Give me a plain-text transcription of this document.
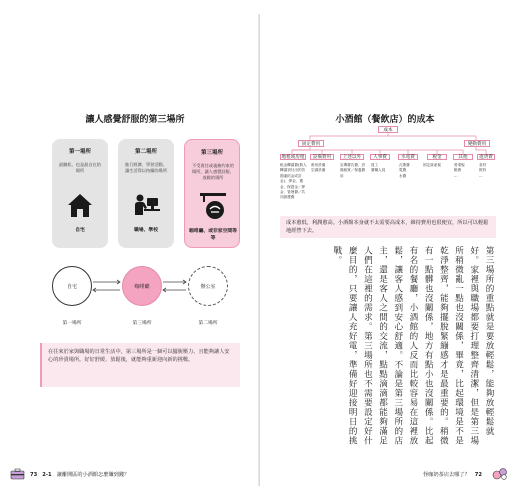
讓人感覺舒服的第三場所
第一場所
最隨私、也是最自在的場所
自宅
第二場所
進行經濟、學習活動，讓生活得以持續的場所
職場、學校
第三場所
不受責任或義務約束的場所，讓人感覺舒服、放鬆的場所
咖啡廳、或非家空間等等
自宅	咖啡廳	辦公室
第一場所	第三場所	第二場所
在往來於家與職場的日常生活中，第三場所是一個可以擺脫壓力、且能夠讓人安心的珍貴場所。好好舒緩、放鬆後，就能夠重新迎向新的挑戰。
73 2-1 讓離開區的小酒館怎麼賺到錢？
小酒館（餐飲店）的成本
成本
固定費用	變動費用
地租或房租	設備費用	上述以外	人事費	水電費	稅金	其他	進貨費
租金轉讓費(無人轉讓須付出的首期違約金或訂金)、押金、禮金、保證金／押金、管理費／共同維護費
廚房設備
空調設備
宣傳廣告費、設備租賃／保養費用
員工
廣職人員
瓦斯費
電費
水費
固定資產稅	營業稅
帳務
…
食材
飲料
…
成本愈低，利潤愈高。小酒館本身就不太需要高成本，維持費用也很便宜，所以可以輕鬆地經營下去。
第三場所的重點就是要放輕鬆，能夠放輕鬆就好。家裡與職場都要打理整齊清潔，但是第三場所稍微亂一點也沒關係，畢竟，比起環境是不是乾淨整齊，能夠擺脫緊繃感才是最重要的。稍微有一點髒也沒關係，地方有點小也沒關係。比起有名的餐廳，小酒館的人反而比較容易在這裡放鬆，讓客人感到安心舒適。不論是第三場所的店主，還是客人之間的交流，點點滴滴都能夠滿足人們在這裡的需求。第三場所也不需要設定好什麼目的，只要讓人充好電，準備好迎接明日的挑戰。
怪咖奶茶店去哪了？ 72
